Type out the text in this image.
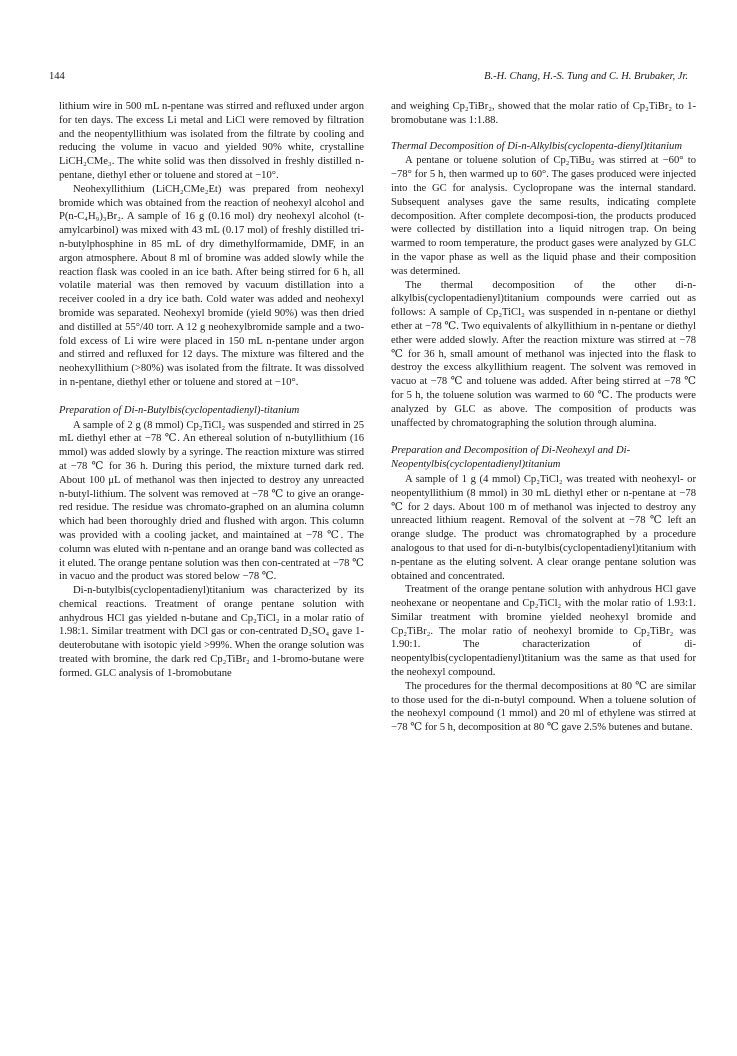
144	B.-H. Chang, H.-S. Tung and C. H. Brubaker, Jr.

lithium wire in 500 mL n-pentane was stirred and refluxed under argon for ten days. The excess Li metal and LiCl were removed by filtration and the neopentyllithium was isolated from the filtrate by cooling and reducing the volume in vacuo and yielded 90% white, crystalline LiCH₂CMe₃. The white solid was then dissolved in freshly distilled n-pentane, diethyl ether or toluene and stored at −10°.

Neohexyllithium (LiCH₂CMe₂Et) was prepared from neohexyl bromide which was obtained from the reaction of neohexyl alcohol and P(n-C₄H₉)₃Br₂. A sample of 16 g (0.16 mol) dry neohexyl alcohol (t-amylcarbinol) was mixed with 43 mL (0.17 mol) of freshly distilled tri-n-butylphosphine in 85 mL of dry dimethylformamide, DMF, in an argon atmosphere. About 8 ml of bromine was added slowly while the reaction flask was cooled in an ice bath. After being stirred for 6 h, all volatile material was then removed by vacuum distillation into a receiver cooled in a dry ice bath. Cold water was added and neohexyl bromide was separated. Neohexyl bromide (yield 90%) was then dried and distilled at 55°/40 torr. A 12 g neohexylbromide sample and a two-fold excess of Li wire were placed in 150 mL n-pentane under argon and stirred and refluxed for 12 days. The mixture was filtered and the neohexyllithium (>80%) was isolated from the filtrate. It was dissolved in n-pentane, diethyl ether or toluene and stored at −10°.

Preparation of Di-n-Butylbis(cyclopentadienyl)-titanium

A sample of 2 g (8 mmol) Cp₂TiCl₂ was suspended and stirred in 25 mL diethyl ether at −78 ℃. An ethereal solution of n-butyllithium (16 mmol) was added slowly by a syringe. The reaction mixture was stirred at −78 ℃ for 36 h. During this period, the mixture turned dark red. About 100 μL of methanol was then injected to destroy any unreacted n-butyl-lithium. The solvent was removed at −78 ℃ to give an orange-red residue. The residue was chromato-graphed on an alumina column which had been thoroughly dried and flushed with argon. This column was provided with a cooling jacket, and maintained at −78 ℃. The column was eluted with n-pentane and an orange band was collected as it eluted. The orange pentane solution was then con-centrated at −78 ℃ in vacuo and the product was stored below −78 ℃.

Di-n-butylbis(cyclopentadienyl)titanium was characterized by its chemical reactions. Treatment of orange pentane solution with anhydrous HCl gas yielded n-butane and Cp₂TiCl₂ in a molar ratio of 1.98:1. Similar treatment with DCl gas or con-centrated D₂SO₄ gave 1-deuterobutane with isotopic yield >99%. When the orange solution was treated with bromine, the dark red Cp₂TiBr₂ and 1-bromo-butane were formed. GLC analysis of 1-bromobutane

and weighing Cp₂TiBr₂, showed that the molar ratio of Cp₂TiBr₂ to 1-bromobutane was 1:1.88.

Thermal Decomposition of Di-n-Alkylbis(cyclopenta-dienyl)titanium

A pentane or toluene solution of Cp₂TiBu₂ was stirred at −60° to −78° for 5 h, then warmed up to 60°. The gases produced were injected into the GC for analysis. Cyclopropane was the internal standard. Subsequent analyses gave the same results, indicating complete decomposition. After complete decomposi-tion, the products produced were collected by distillation into a liquid nitrogen trap. On being warmed to room temperature, the product gases were analyzed by GLC in the vapor phase as well as the liquid phase and their composition was determined.

The thermal decomposition of the other di-n-alkylbis(cyclopentadienyl)titanium compounds were carried out as follows: A sample of Cp₂TiCl₂ was suspended in n-pentane or diethyl ether at −78 ℃. Two equivalents of alkyllithium in n-pentane or diethyl ether were added slowly. After the reaction mixture was stirred at −78 ℃ for 36 h, small amount of methanol was injected into the flask to destroy the excess alkyllithium reagent. The solvent was removed in vacuo at −78 ℃ and toluene was added. After being stirred at −78 ℃ for 5 h, the toluene solution was warmed to 60 ℃. The products were analyzed by GLC as above. The composition of products was unaffected by chromatographing the solution through alumina.

Preparation and Decomposition of Di-Neohexyl and Di-Neopentylbis(cyclopentadienyl)titanium

A sample of 1 g (4 mmol) Cp₂TiCl₂ was treated with neohexyl- or neopentyllithium (8 mmol) in 30 mL diethyl ether or n-pentane at −78 ℃ for 2 days. About 100 m of methanol was injected to destroy any unreacted lithium reagent. Removal of the solvent at −78 ℃ left an orange sludge. The product was chromatographed by a procedure analogous to that used for di-n-butylbis(cyclopentadienyl)titanium with n-pentane as the eluting solvent. A clear orange pentane solution was obtained and concentrated.

Treatment of the orange pentane solution with anhydrous HCl gave neohexane or neopentane and Cp₂TiCl₂ with the molar ratio of 1.93:1. Similar treatment with bromine yielded neohexyl bromide and Cp₂TiBr₂. The molar ratio of neohexyl bromide to Cp₂TiBr₂ was 1.90:1. The characterization of di-neopentylbis(cyclopentadienyl)titanium was the same as that used for the neohexyl compound.

The procedures for the thermal decompositions at 80 ℃ are similar to those used for the di-n-butyl compound. When a toluene solution of the neohexyl compound (1 mmol) and 20 ml of ethylene was stirred at −78 ℃ for 5 h, decomposition at 80 ℃ gave 2.5% butenes and butane.
